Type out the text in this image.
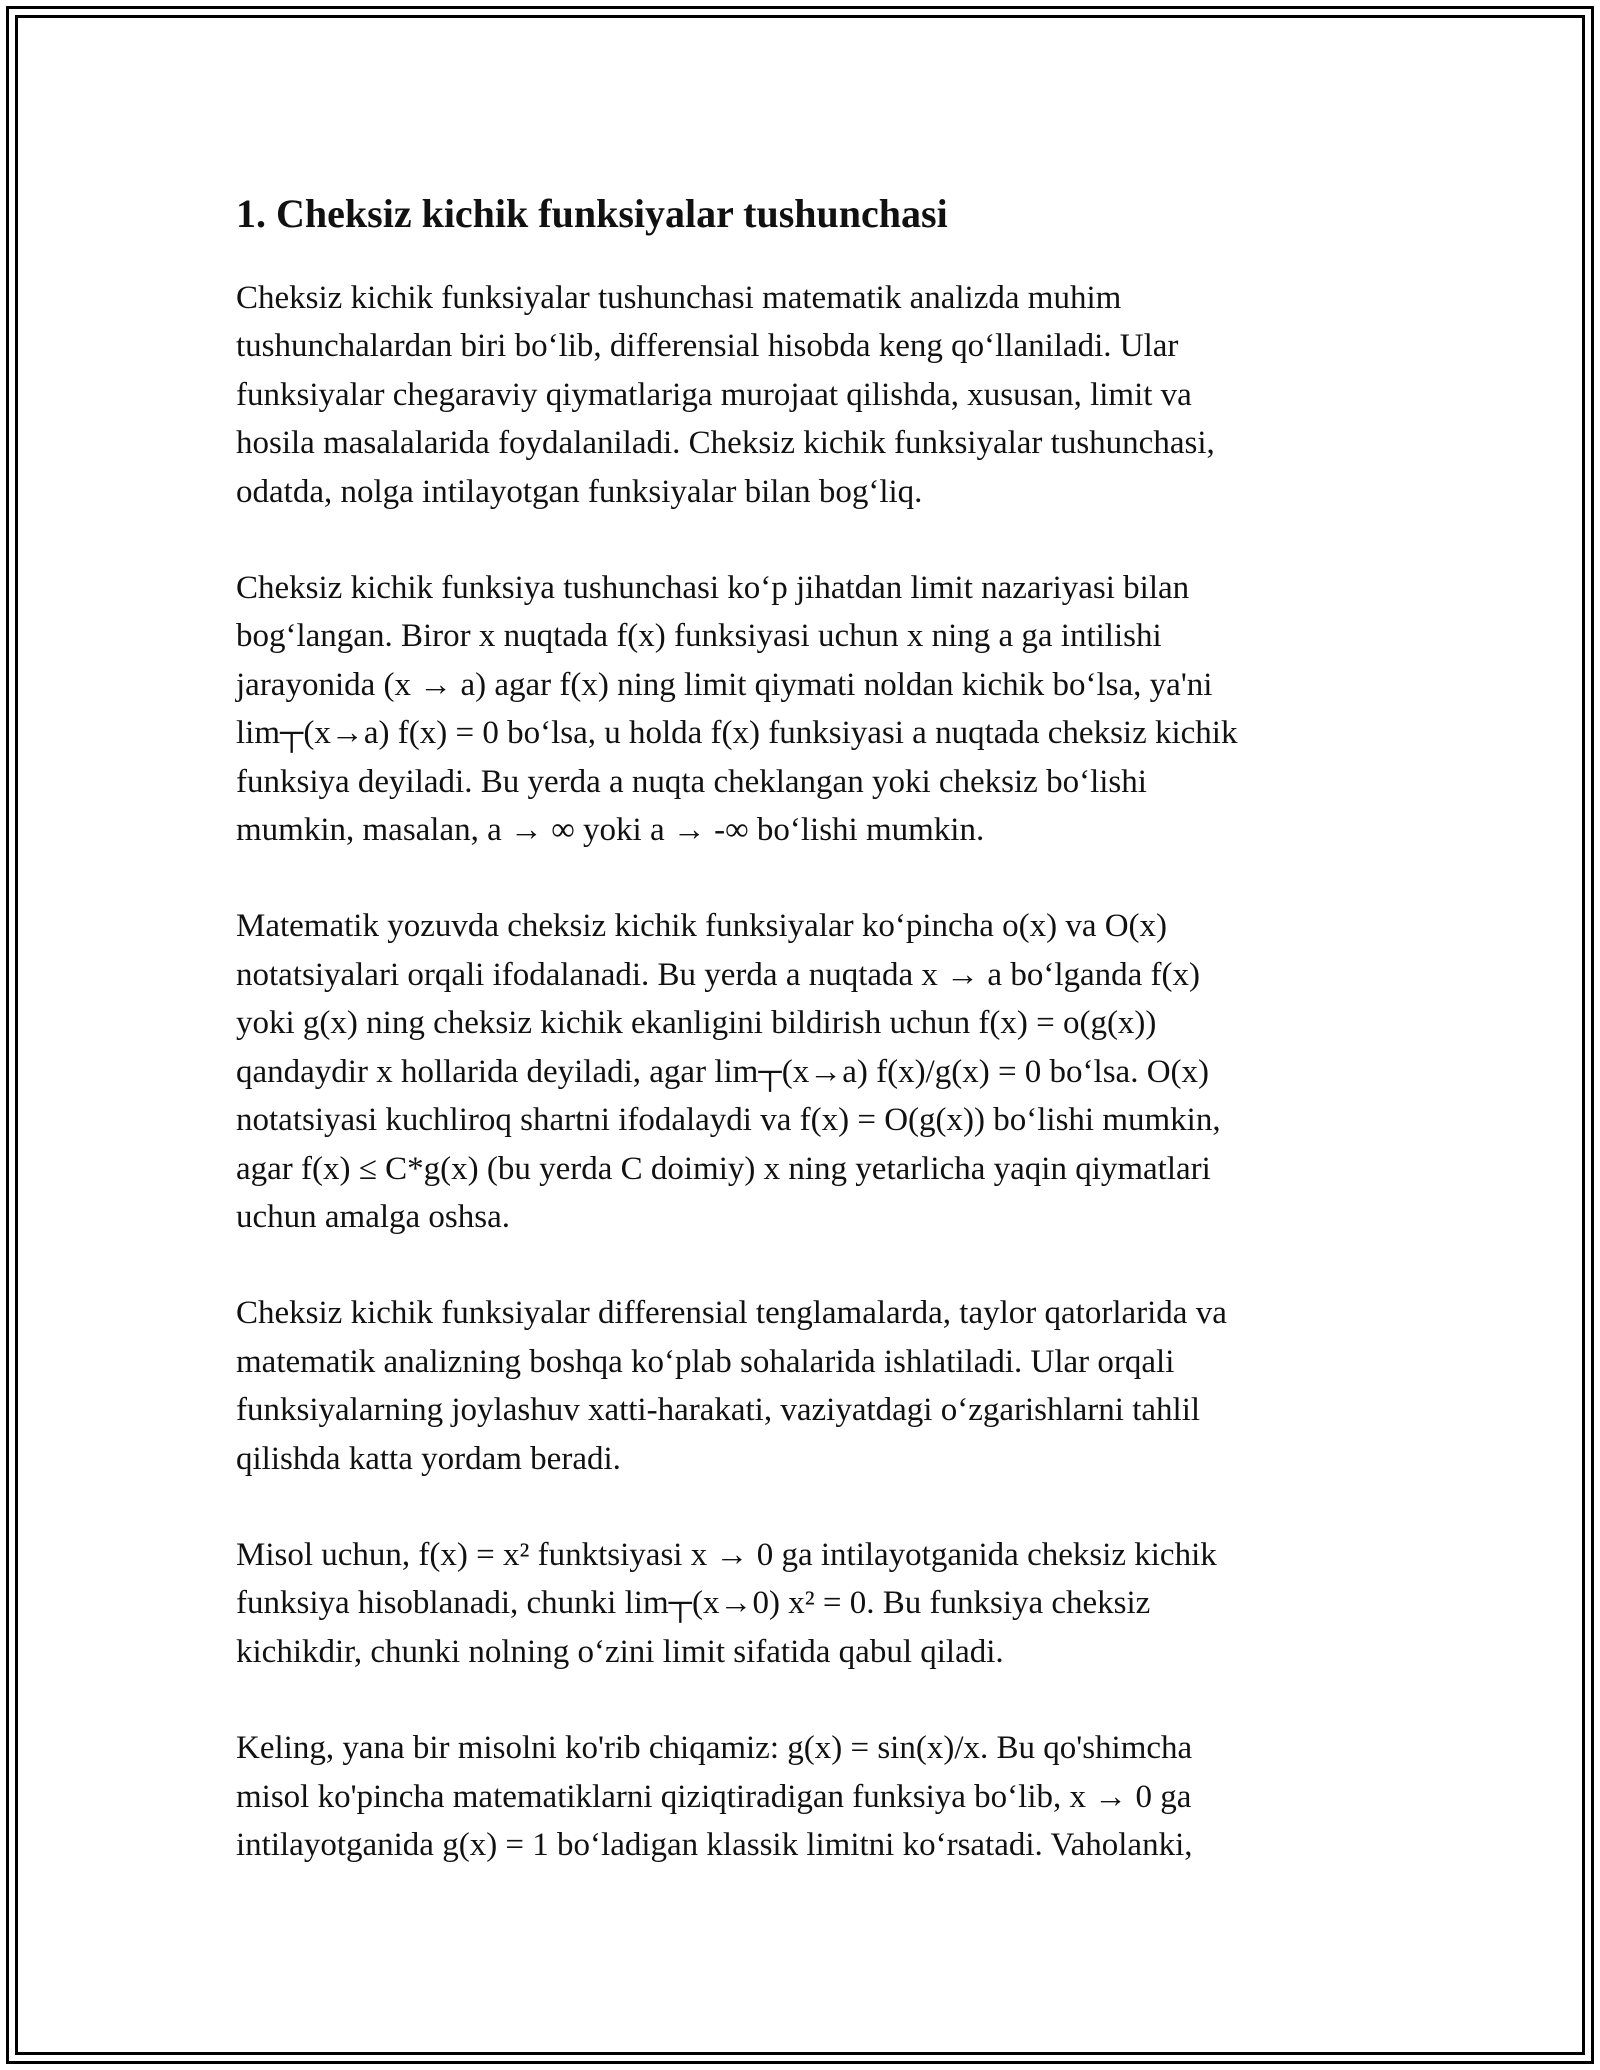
1. Cheksiz kichik funksiyalar tushunchasi

Cheksiz kichik funksiyalar tushunchasi matematik analizda muhim
tushunchalardan biri bo‘lib, differensial hisobda keng qo‘llaniladi. Ular
funksiyalar chegaraviy qiymatlariga murojaat qilishda, xususan, limit va
hosila masalalarida foydalaniladi. Cheksiz kichik funksiyalar tushunchasi,
odatda, nolga intilayotgan funksiyalar bilan bog‘liq.

Cheksiz kichik funksiya tushunchasi ko‘p jihatdan limit nazariyasi bilan
bog‘langan. Biror x nuqtada f(x) funksiyasi uchun x ning a ga intilishi
jarayonida (x → a) agar f(x) ning limit qiymati noldan kichik bo‘lsa, ya'ni
lim┬(x→a) f(x) = 0 bo‘lsa, u holda f(x) funksiyasi a nuqtada cheksiz kichik
funksiya deyiladi. Bu yerda a nuqta cheklangan yoki cheksiz bo‘lishi
mumkin, masalan, a → ∞ yoki a → -∞ bo‘lishi mumkin.

Matematik yozuvda cheksiz kichik funksiyalar ko‘pincha o(x) va O(x)
notatsiyalari orqali ifodalanadi. Bu yerda a nuqtada x → a bo‘lganda f(x)
yoki g(x) ning cheksiz kichik ekanligini bildirish uchun f(x) = o(g(x))
qandaydir x hollarida deyiladi, agar lim┬(x→a) f(x)/g(x) = 0 bo‘lsa. O(x)
notatsiyasi kuchliroq shartni ifodalaydi va f(x) = O(g(x)) bo‘lishi mumkin,
agar f(x) ≤ C*g(x) (bu yerda C doimiy) x ning yetarlicha yaqin qiymatlari
uchun amalga oshsa.

Cheksiz kichik funksiyalar differensial tenglamalarda, taylor qatorlarida va
matematik analizning boshqa ko‘plab sohalarida ishlatiladi. Ular orqali
funksiyalarning joylashuv xatti-harakati, vaziyatdagi o‘zgarishlarni tahlil
qilishda katta yordam beradi.

Misol uchun, f(x) = x² funktsiyasi x → 0 ga intilayotganida cheksiz kichik
funksiya hisoblanadi, chunki lim┬(x→0) x² = 0. Bu funksiya cheksiz
kichikdir, chunki nolning o‘zini limit sifatida qabul qiladi.

Keling, yana bir misolni ko'rib chiqamiz: g(x) = sin(x)/x. Bu qo'shimcha
misol ko'pincha matematiklarni qiziqtiradigan funksiya bo‘lib, x → 0 ga
intilayotganida g(x) = 1 bo‘ladigan klassik limitni ko‘rsatadi. Vaholanki,
